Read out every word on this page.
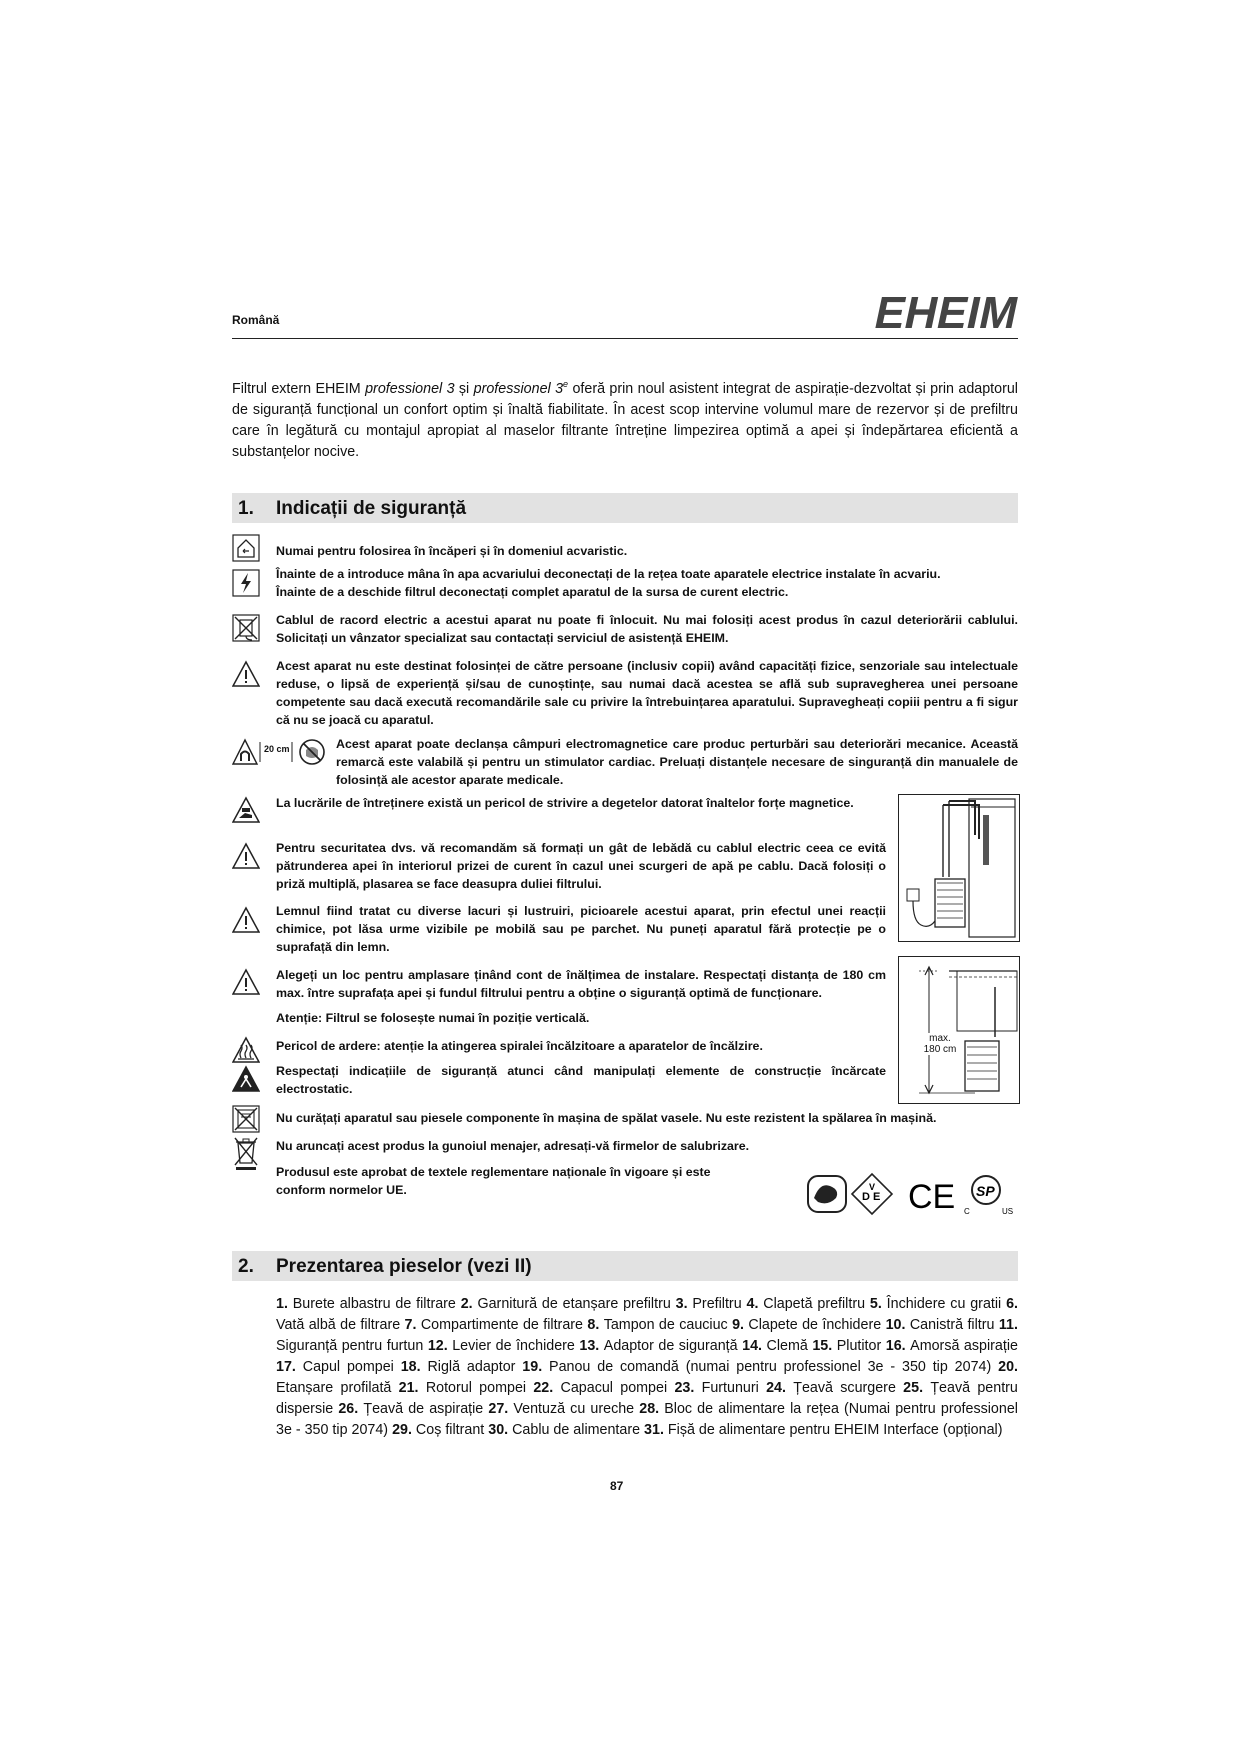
Română	EHEIM
Filtrul extern EHEIM professionel 3 și professionel 3e oferă prin noul asistent integrat de aspirație-dezvoltat și prin adaptorul de siguranță funcțional un confort optim și înaltă fiabilitate. În acest scop intervine volumul mare de rezervor și de prefiltru care în legătură cu montajul apropiat al maselor filtrante întreține limpezirea optimă a apei și îndepărtarea eficientă a substanțelor nocive.
1. Indicații de siguranță
Numai pentru folosirea în încăperi și în domeniul acvaristic.
Înainte de a introduce mâna în apa acvariului deconectați de la rețea toate aparatele electrice instalate în acvariu.
Înainte de a deschide filtrul deconectați complet aparatul de la sursa de curent electric.
Cablul de racord electric a acestui aparat nu poate fi înlocuit. Nu mai folosiți acest produs în cazul deteriorării cablului. Solicitați un vânzator specializat sau contactați serviciul de asistență EHEIM.
Acest aparat nu este destinat folosinței de către persoane (inclusiv copii) având capacități fizice, senzoriale sau intelectuale reduse, o lipsă de experiență și/sau de cunoștințe, sau numai dacă acestea se află sub supravegherea unei persoane competente sau dacă execută recomandările sale cu privire la întrebuințarea aparatului. Supravegheați copiii pentru a fi sigur că nu se joacă cu aparatul.
20 cm	Acest aparat poate declanșa câmpuri electromagnetice care produc perturbări sau deteriorări mecanice. Această remarcă este valabilă și pentru un stimulator cardiac. Preluați distanțele necesare de singuranță din manualele de folosință ale acestor aparate medicale.
La lucrările de întreținere există un pericol de strivire a degetelor datorat înaltelor forțe magnetice.
Pentru securitatea dvs. vă recomandăm să formați un gât de lebădă cu cablul electric ceea ce evită pătrunderea apei în interiorul prizei de curent în cazul unei scurgeri de apă pe cablu. Dacă folosiți o priză multiplă, plasarea se face deasupra duliei filtrului.
Lemnul fiind tratat cu diverse lacuri și lustruiri, picioarele acestui aparat, prin efectul unei reacții chimice, pot lăsa urme vizibile pe mobilă sau pe parchet. Nu puneți aparatul fără protecție pe o suprafață din lemn.
Alegeți un loc pentru amplasare ținând cont de înălțimea de instalare. Respectați distanța de 180 cm max. între suprafața apei și fundul filtrului pentru a obține o siguranță optimă de funcționare.
Atenție: Filtrul se folosește numai în poziție verticală.
Pericol de ardere: atenție la atingerea spiralei încălzitoare a aparatelor de încălzire.
Respectați indicațiile de siguranță atunci când manipulați elemente de construcție încărcate electrostatic.
Nu curățați aparatul sau piesele componente în mașina de spălat vasele. Nu este rezistent la spălarea în mașină.
Nu aruncați acest produs la gunoiul menajer, adresați-vă firmelor de salubrizare.
Produsul este aprobat de textele reglementare naționale în vigoare și este conform normelor UE.
max.
180 cm
D
V
E CE SP
C	US
2. Prezentarea pieselor (vezi II)
1. Burete albastru de filtrare 2. Garnitură de etanșare prefiltru 3. Prefiltru 4. Clapetă prefiltru 5. Închidere cu gratii 6. Vată albă de filtrare 7. Compartimente de filtrare 8. Tampon de cauciuc 9. Clapete de închidere 10. Canistră filtru 11. Siguranță pentru furtun 12. Levier de închidere 13. Adaptor de siguranță 14. Clemă 15. Plutitor 16. Amorsă aspirație 17. Capul pompei 18. Riglă adaptor 19. Panou de comandă (numai pentru professionel 3e - 350 tip 2074) 20. Etanșare profilată 21. Rotorul pompei 22. Capacul pompei 23. Furtunuri 24. Țeavă scurgere 25. Țeavă pentru dispersie 26. Țeavă de aspirație 27. Ventuză cu ureche 28. Bloc de alimentare la rețea (Numai pentru professionel 3e - 350 tip 2074) 29. Coș filtrant 30. Cablu de alimentare 31. Fișă de alimentare pentru EHEIM Interface (opțional)
87
